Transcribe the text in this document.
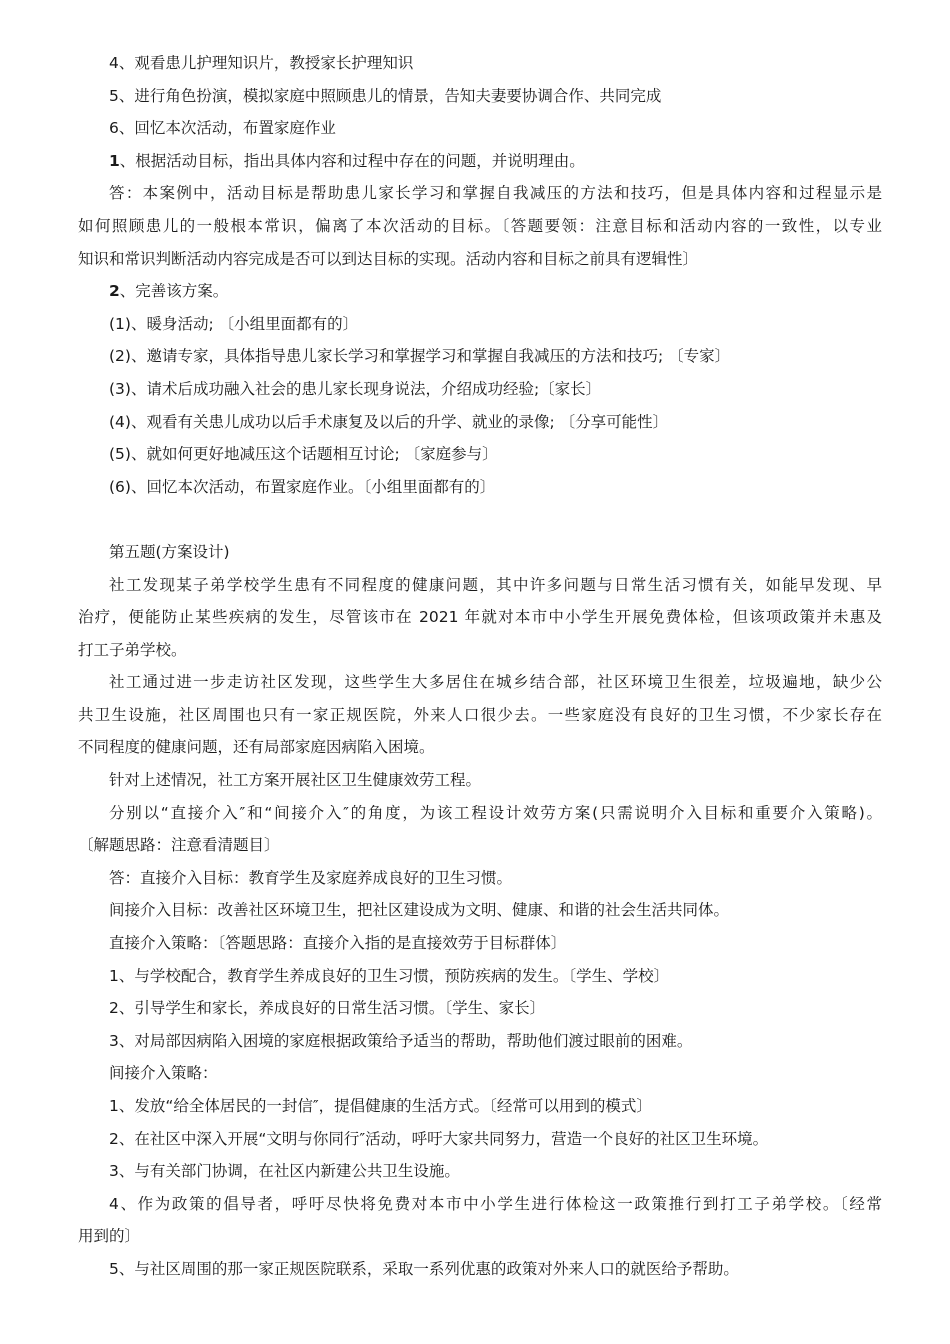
4、观看患儿护理知识片，教授家长护理知识
5、进行角色扮演，模拟家庭中照顾患儿的情景，告知夫妻要协调合作、共同完成
6、回忆本次活动，布置家庭作业
1、根据活动目标，指出具体内容和过程中存在的问题，并说明理由。
答：本案例中，活动目标是帮助患儿家长学习和掌握自我减压的方法和技巧，但是具体内容和过程显示是
如何照顾患儿的一般根本常识，偏离了本次活动的目标。〔答题要领：注意目标和活动内容的一致性，以专业
知识和常识判断活动内容完成是否可以到达目标的实现。活动内容和目标之前具有逻辑性〕
2、完善该方案。
(1)、暖身活动; 〔小组里面都有的〕
(2)、邀请专家，具体指导患儿家长学习和掌握学习和掌握自我减压的方法和技巧; 〔专家〕
(3)、请术后成功融入社会的患儿家长现身说法，介绍成功经验;〔家长〕
(4)、观看有关患儿成功以后手术康复及以后的升学、就业的录像; 〔分享可能性〕
(5)、就如何更好地减压这个话题相互讨论; 〔家庭参与〕
(6)、回忆本次活动，布置家庭作业。〔小组里面都有的〕
第五题(方案设计)
社工发现某子弟学校学生患有不同程度的健康问题，其中许多问题与日常生活习惯有关，如能早发现、早
治疗，便能防止某些疾病的发生，尽管该市在 2021 年就对本市中小学生开展免费体检，但该项政策并未惠及
打工子弟学校。
社工通过进一步走访社区发现，这些学生大多居住在城乡结合部，社区环境卫生很差，垃圾遍地，缺少公
共卫生设施，社区周围也只有一家正规医院，外来人口很少去。一些家庭没有良好的卫生习惯，不少家长存在
不同程度的健康问题，还有局部家庭因病陷入困境。
针对上述情况，社工方案开展社区卫生健康效劳工程。
分别以“直接介入″和“间接介入″的角度，为该工程设计效劳方案(只需说明介入目标和重要介入策略)。
〔解题思路：注意看清题目〕
答：直接介入目标：教育学生及家庭养成良好的卫生习惯。
间接介入目标：改善社区环境卫生，把社区建设成为文明、健康、和谐的社会生活共同体。
直接介入策略：〔答题思路：直接介入指的是直接效劳于目标群体〕
1、与学校配合，教育学生养成良好的卫生习惯，预防疾病的发生。〔学生、学校〕
2、引导学生和家长，养成良好的日常生活习惯。〔学生、家长〕
3、对局部因病陷入困境的家庭根据政策给予适当的帮助，帮助他们渡过眼前的困难。
间接介入策略：
1、发放“给全体居民的一封信″，提倡健康的生活方式。〔经常可以用到的模式〕
2、在社区中深入开展“文明与你同行″活动，呼吁大家共同努力，营造一个良好的社区卫生环境。
3、与有关部门协调，在社区内新建公共卫生设施。
4、作为政策的倡导者，呼吁尽快将免费对本市中小学生进行体检这一政策推行到打工子弟学校。〔经常
用到的〕
5、与社区周围的那一家正规医院联系，采取一系列优惠的政策对外来人口的就医给予帮助。
